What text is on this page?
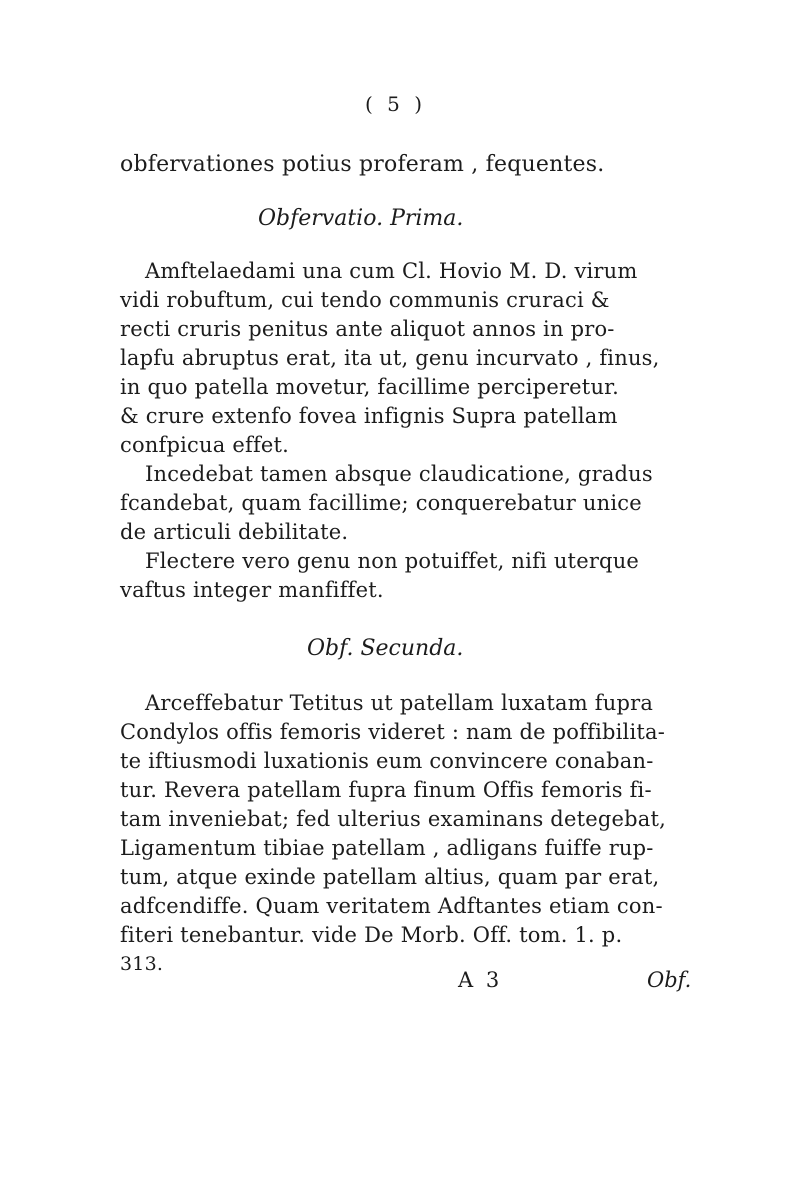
( 5 )
obfervationes potius proferam , fequentes.
Obfervatio. Prima.
Amftelaedami una cum Cl. Hovio M. D. virum
vidi robuftum, cui tendo communis cruraci &
recti cruris penitus ante aliquot annos in pro-
lapfu abruptus erat, ita ut, genu incurvato , finus,
in quo patella movetur, facillime perciperetur.
& crure extenfo fovea infignis Supra patellam
confpicua effet.
Incedebat tamen absque claudicatione, gradus
fcandebat, quam facillime; conquerebatur unice
de articuli debilitate.
Flectere vero genu non potuiffet, nifi uterque
vaftus integer manfiffet.
Obf. Secunda.
Arceffebatur Tetitus ut patellam luxatam fupra
Condylos offis femoris videret : nam de poffibilita-
te iftiusmodi luxationis eum convincere conaban-
tur. Revera patellam fupra finum Offis femoris fi-
tam inveniebat; fed ulterius examinans detegebat,
Ligamentum tibiae patellam , adligans fuiffe rup-
tum, atque exinde patellam altius, quam par erat,
adfcendiffe. Quam veritatem Adftantes etiam con-
fiteri tenebantur. vide De Morb. Off. tom. 1. p.
313.
A 3	Obf.
